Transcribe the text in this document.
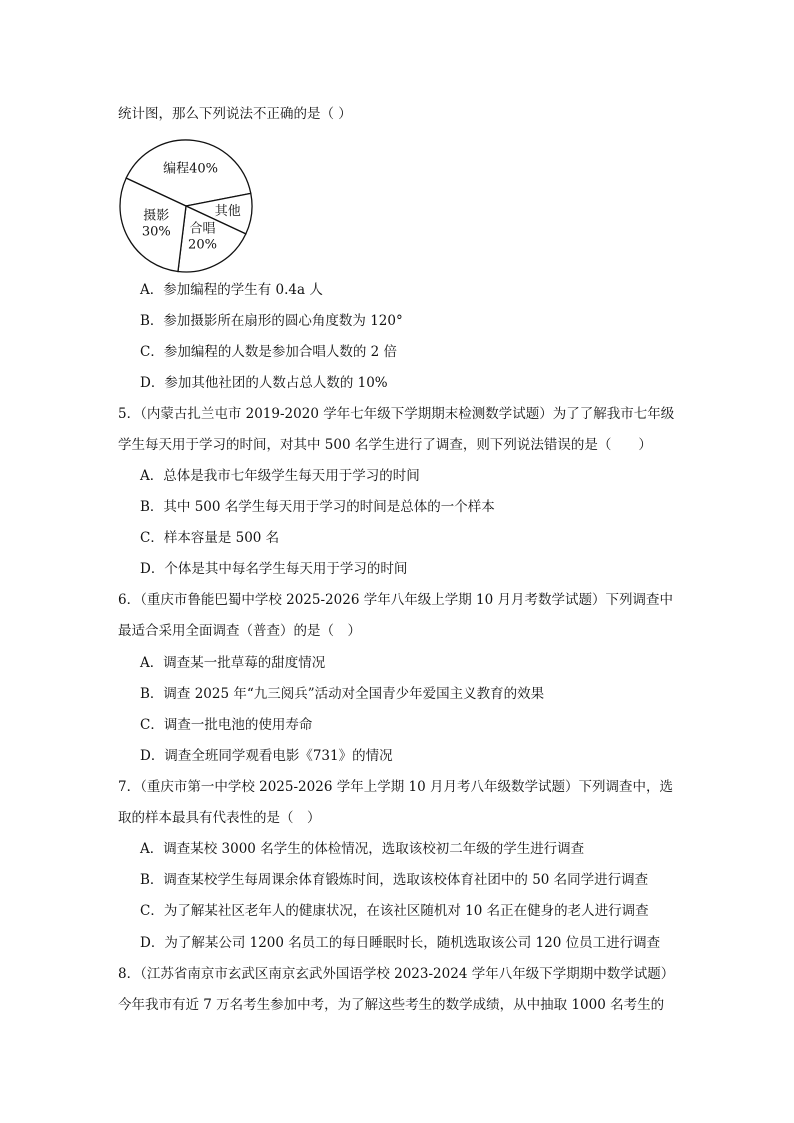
统计图，那么下列说法不正确的是（ ）
编程40%
其他
合唱
20%
摄影
30%
A．参加编程的学生有 0.4a 人
B．参加摄影所在扇形的圆心角度数为 120°
C．参加编程的人数是参加合唱人数的 2 倍
D．参加其他社团的人数占总人数的 10%
5．（内蒙古扎兰屯市 2019-2020 学年七年级下学期期末检测数学试题）为了了解我市七年级
学生每天用于学习的时间，对其中 500 名学生进行了调查，则下列说法错误的是（　　）
A．总体是我市七年级学生每天用于学习的时间
B．其中 500 名学生每天用于学习的时间是总体的一个样本
C．样本容量是 500 名
D．个体是其中每名学生每天用于学习的时间
6．（重庆市鲁能巴蜀中学校 2025-2026 学年八年级上学期 10 月月考数学试题）下列调查中
最适合采用全面调查（普查）的是（　）
A．调查某一批草莓的甜度情况
B．调查 2025 年“九三阅兵”活动对全国青少年爱国主义教育的效果
C．调查一批电池的使用寿命
D．调查全班同学观看电影《731》的情况
7．（重庆市第一中学校 2025-2026 学年上学期 10 月月考八年级数学试题）下列调查中，选
取的样本最具有代表性的是（　）
A．调查某校 3000 名学生的体检情况，选取该校初二年级的学生进行调查
B．调查某校学生每周课余体育锻炼时间，选取该校体育社团中的 50 名同学进行调查
C．为了解某社区老年人的健康状况，在该社区随机对 10 名正在健身的老人进行调查
D．为了解某公司 1200 名员工的每日睡眠时长，随机选取该公司 120 位员工进行调查
8．（江苏省南京市玄武区南京玄武外国语学校 2023-2024 学年八年级下学期期中数学试题）
今年我市有近 7 万名考生参加中考，为了解这些考生的数学成绩，从中抽取 1000 名考生的
